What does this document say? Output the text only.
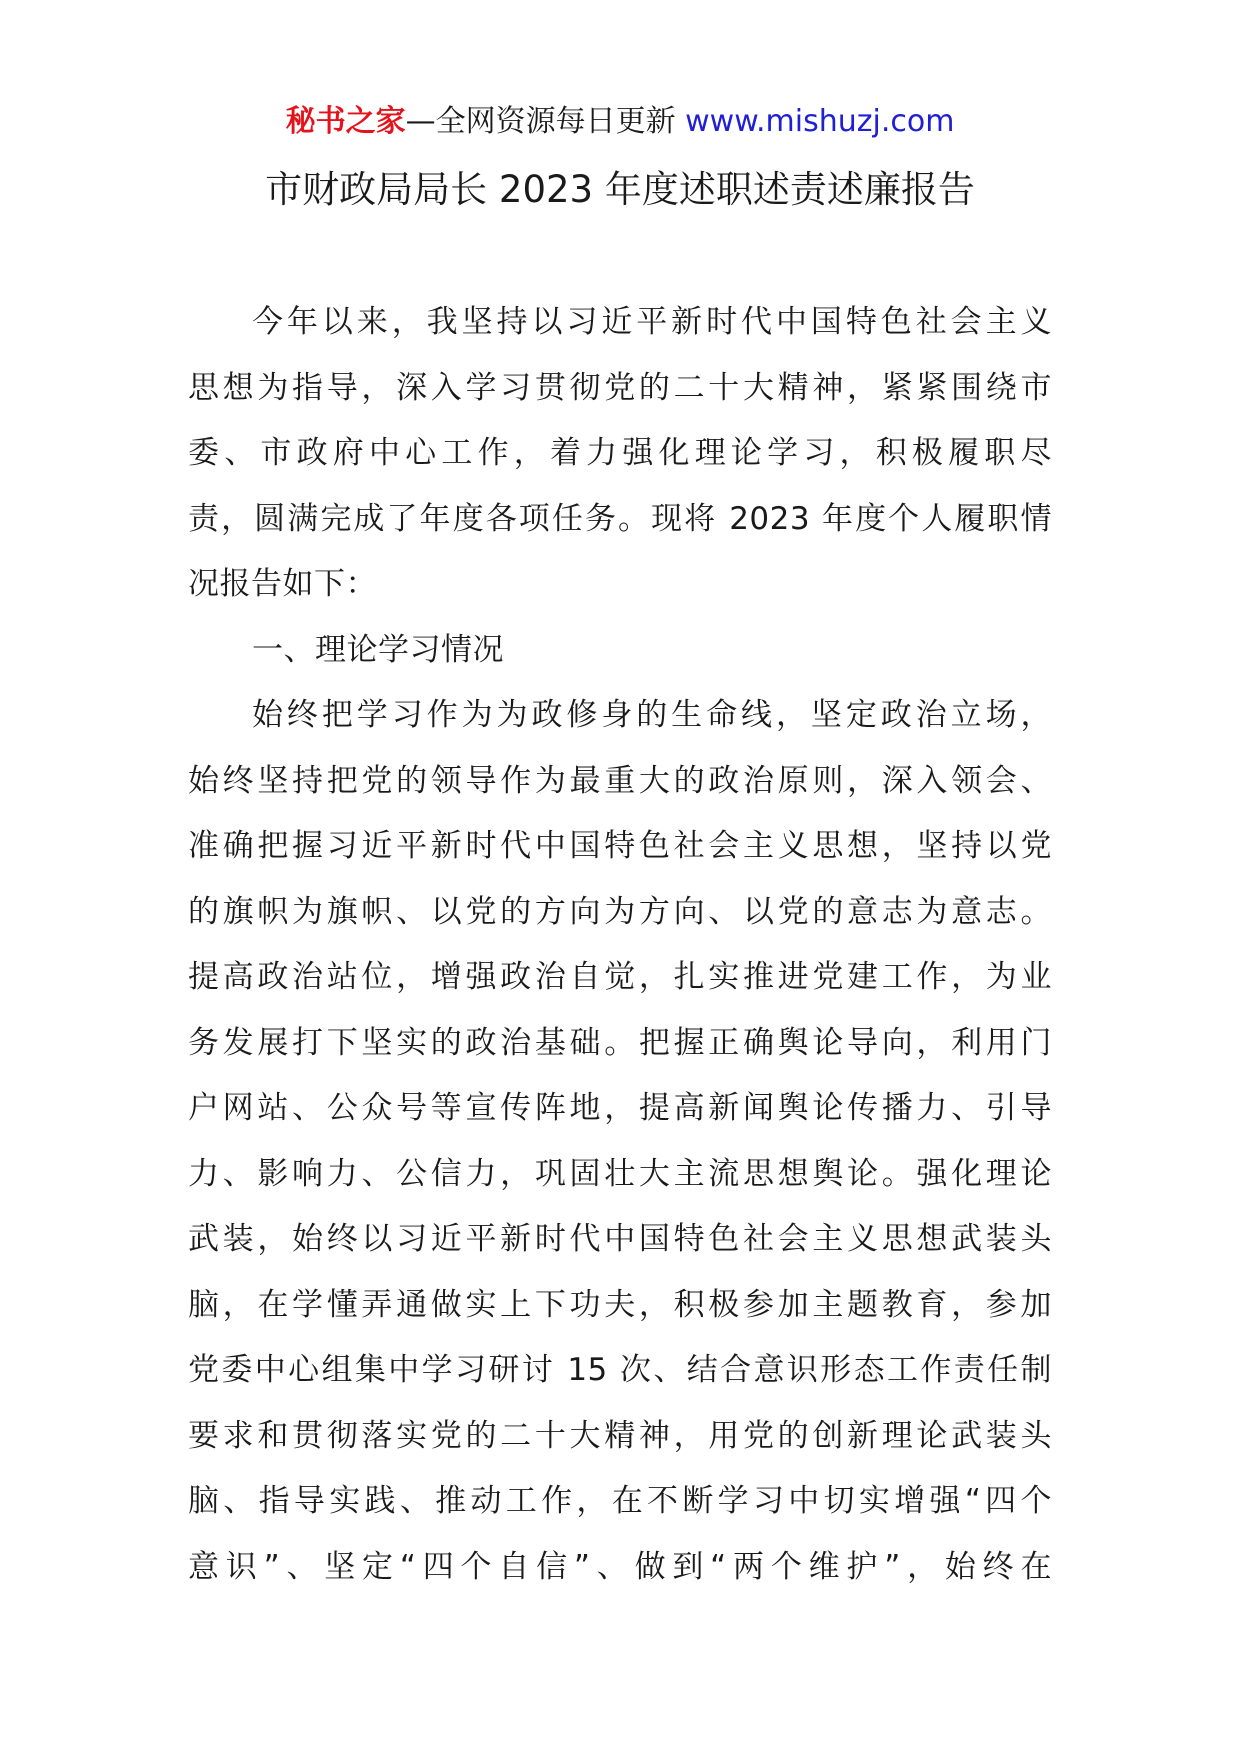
秘书之家—全网资源每日更新 www.mishuzj.com
市财政局局长 2023 年度述职述责述廉报告
今年以来，我坚持以习近平新时代中国特色社会主义
思想为指导，深入学习贯彻党的二十大精神，紧紧围绕市
委、市政府中心工作，着力强化理论学习，积极履职尽
责，圆满完成了年度各项任务。现将 2023 年度个人履职情
况报告如下：
一、理论学习情况
始终把学习作为为政修身的生命线，坚定政治立场，
始终坚持把党的领导作为最重大的政治原则，深入领会、
准确把握习近平新时代中国特色社会主义思想，坚持以党
的旗帜为旗帜、以党的方向为方向、以党的意志为意志。
提高政治站位，增强政治自觉，扎实推进党建工作，为业
务发展打下坚实的政治基础。把握正确舆论导向，利用门
户网站、公众号等宣传阵地，提高新闻舆论传播力、引导
力、影响力、公信力，巩固壮大主流思想舆论。强化理论
武装，始终以习近平新时代中国特色社会主义思想武装头
脑，在学懂弄通做实上下功夫，积极参加主题教育，参加
党委中心组集中学习研讨 15 次、结合意识形态工作责任制
要求和贯彻落实党的二十大精神，用党的创新理论武装头
脑、指导实践、推动工作，在不断学习中切实增强“四个
意识”、坚定“四个自信”、做到“两个维护”，始终在
